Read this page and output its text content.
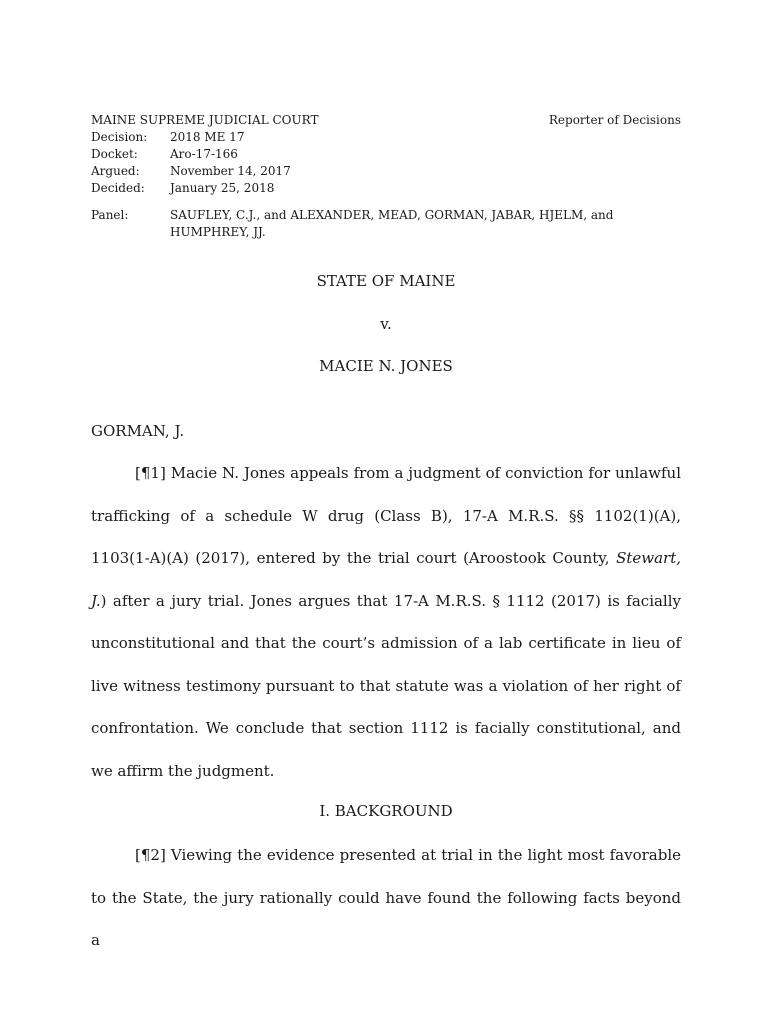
MAINE SUPREME JUDICIAL COURT	Reporter of Decisions
Decision:	2018 ME 17
Docket:	Aro-17-166
Argued:	November 14, 2017
Decided:	January 25, 2018
Panel:	SAUFLEY, C.J., and ALEXANDER, MEAD, GORMAN, JABAR, HJELM, and HUMPHREY, JJ.
STATE OF MAINE
v.
MACIE N. JONES
GORMAN, J.

[¶1] Macie N. Jones appeals from a judgment of conviction for unlawful trafficking of a schedule W drug (Class B), 17-A M.R.S. §§ 1102(1)(A), 1103(1-A)(A) (2017), entered by the trial court (Aroostook County, Stewart, J.) after a jury trial. Jones argues that 17-A M.R.S. § 1112 (2017) is facially unconstitutional and that the court’s admission of a lab certificate in lieu of live witness testimony pursuant to that statute was a violation of her right of confrontation. We conclude that section 1112 is facially constitutional, and we affirm the judgment.

I. BACKGROUND

[¶2] Viewing the evidence presented at trial in the light most favorable to the State, the jury rationally could have found the following facts beyond a
